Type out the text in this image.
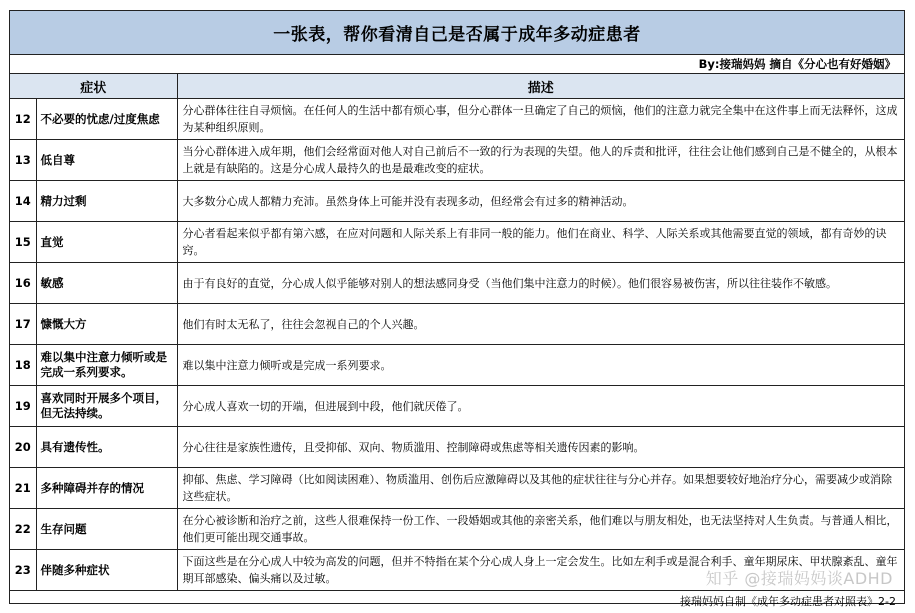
一张表，帮你看清自己是否属于成年多动症患者
By:接瑞妈妈 摘自《分心也有好婚姻》
症状		描述
12	不必要的忧虑/过度焦虑	分心群体往往自寻烦恼。在任何人的生活中都有烦心事，但分心群体一旦确定了自己的烦恼，他们的注意力就完全集中在这件事上而无法释怀，这成为某种组织原则。
13	低自尊	当分心群体进入成年期，他们会经常面对他人对自己前后不一致的行为表现的失望。他人的斥责和批评，往往会让他们感到自己是不健全的，从根本上就是有缺陷的。这是分心成人最持久的也是最难改变的症状。
14	精力过剩	大多数分心成人都精力充沛。虽然身体上可能并没有表现多动，但经常会有过多的精神活动。
15	直觉	分心者看起来似乎都有第六感，在应对问题和人际关系上有非同一般的能力。他们在商业、科学、人际关系或其他需要直觉的领域，都有奇妙的诀窍。
16	敏感	由于有良好的直觉，分心成人似乎能够对别人的想法感同身受（当他们集中注意力的时候）。他们很容易被伤害，所以往往装作不敏感。
17	慷慨大方	他们有时太无私了，往往会忽视自己的个人兴趣。
18	难以集中注意力倾听或是完成一系列要求。	难以集中注意力倾听或是完成一系列要求。
19	喜欢同时开展多个项目，但无法持续。	分心成人喜欢一切的开端，但进展到中段，他们就厌倦了。
20	具有遗传性。	分心往往是家族性遗传，且受抑郁、双向、物质滥用、控制障碍或焦虑等相关遗传因素的影响。
21	多种障碍并存的情况	抑郁、焦虑、学习障碍（比如阅读困难）、物质滥用、创伤后应激障碍以及其他的症状往往与分心并存。如果想要较好地治疗分心，需要减少或消除这些症状。
22	生存问题	在分心被诊断和治疗之前，这些人很难保持一份工作、一段婚姻或其他的亲密关系，他们难以与朋友相处，也无法坚持对人生负责。与普通人相比，他们更可能出现交通事故。
23	伴随多种症状	下面这些是在分心成人中较为高发的问题，但并不特指在某个分心成人身上一定会发生。比如左利手或是混合利手、童年期尿床、甲状腺紊乱、童年期耳部感染、偏头痛以及过敏。
接瑞妈妈自制《成年多动症患者对照表》2-2
知乎 @接瑞妈妈谈ADHD
